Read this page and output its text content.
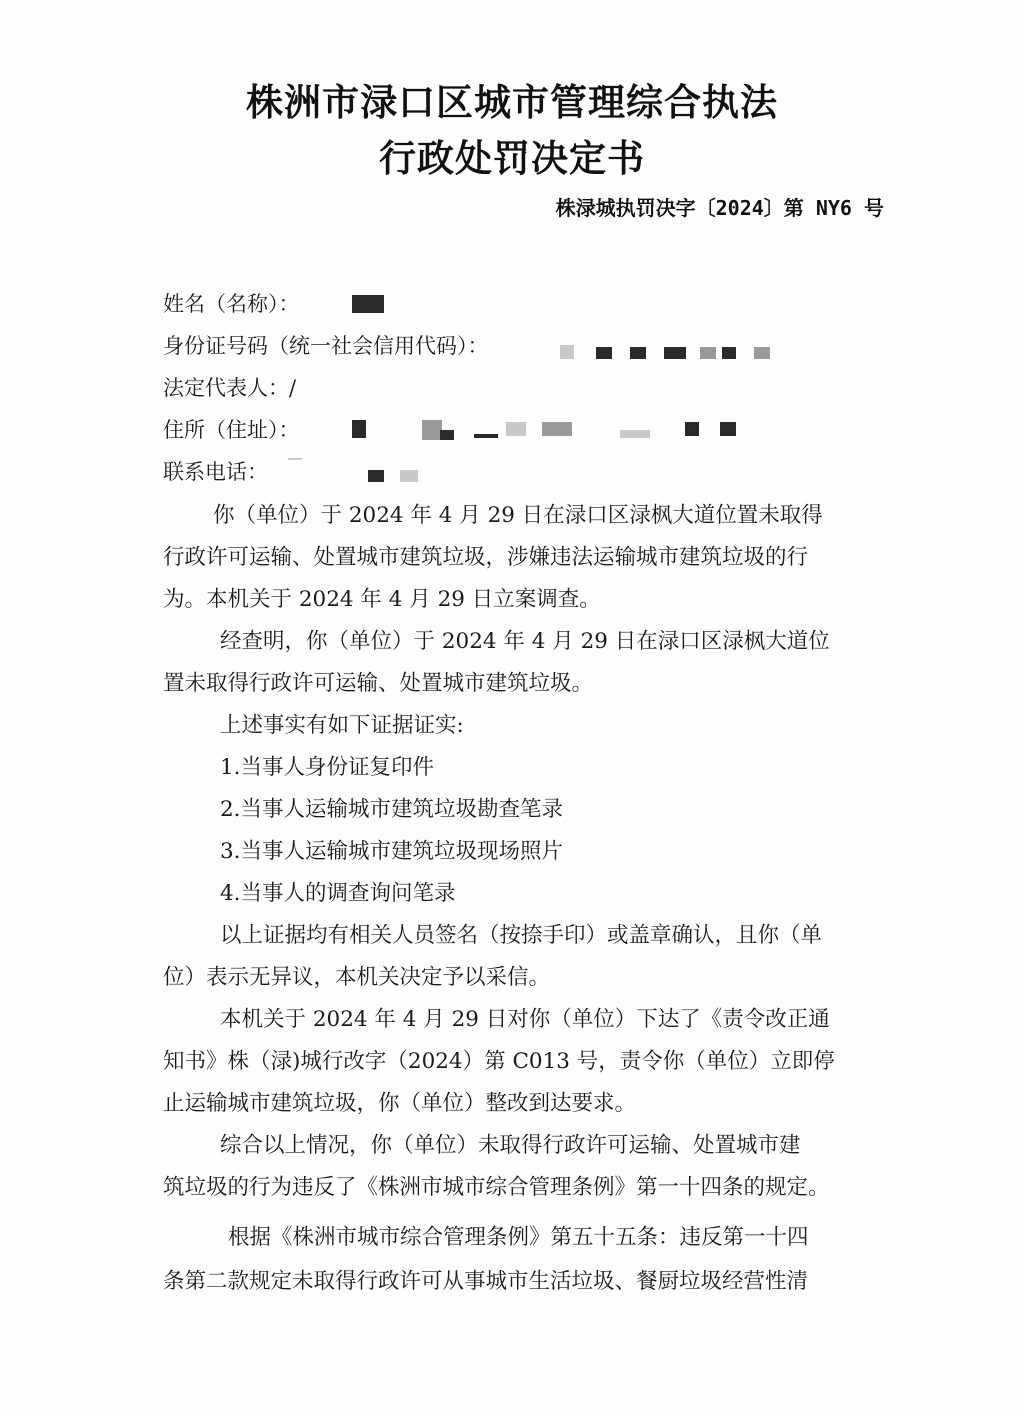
株洲市渌口区城市管理综合执法
行政处罚决定书
株渌城执罚决字〔2024〕第 NY6 号
姓名（名称）：
身份证号码（统一社会信用代码）：
法定代表人：/
住所（住址）：
联系电话：
你（单位）于 2024 年 4 月 29 日在渌口区渌枫大道位置未取得
行政许可运输、处置城市建筑垃圾，涉嫌违法运输城市建筑垃圾的行
为。本机关于 2024 年 4 月 29 日立案调查。
经查明，你（单位）于 2024 年 4 月 29 日在渌口区渌枫大道位
置未取得行政许可运输、处置城市建筑垃圾。
上述事实有如下证据证实:
1.当事人身份证复印件
2.当事人运输城市建筑垃圾勘查笔录
3.当事人运输城市建筑垃圾现场照片
4.当事人的调查询问笔录
以上证据均有相关人员签名（按捺手印）或盖章确认，且你（单
位）表示无异议，本机关决定予以采信。
本机关于 2024 年 4 月 29 日对你（单位）下达了《责令改正通
知书》株（渌)城行改字（2024）第 C013 号，责令你（单位）立即停
止运输城市建筑垃圾，你（单位）整改到达要求。
综合以上情况，你（单位）未取得行政许可运输、处置城市建
筑垃圾的行为违反了《株洲市城市综合管理条例》第一十四条的规定。
根据《株洲市城市综合管理条例》第五十五条：违反第一十四
条第二款规定未取得行政许可从事城市生活垃圾、餐厨垃圾经营性清
